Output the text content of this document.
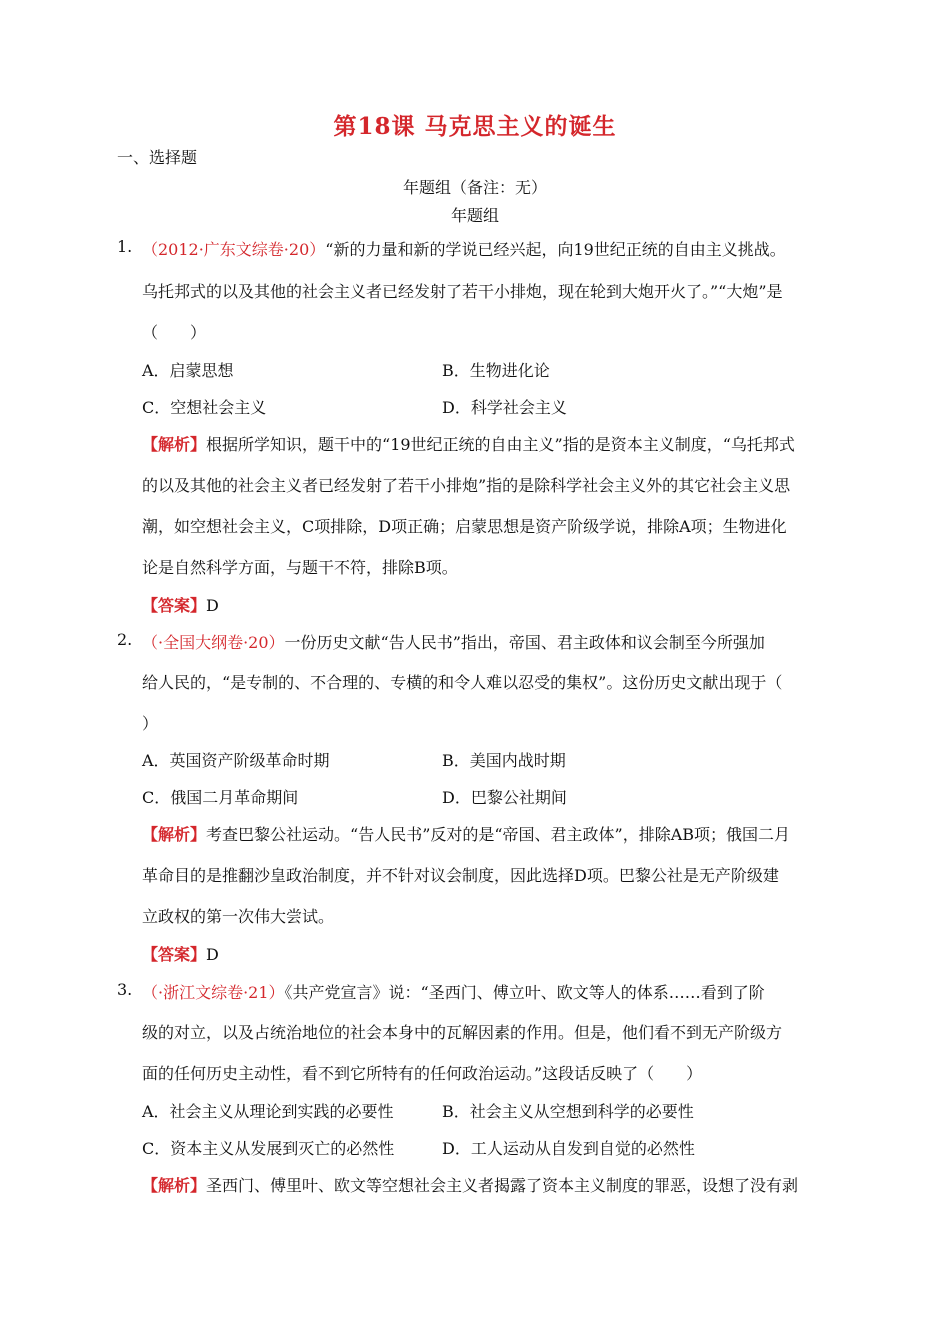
第18课 马克思主义的诞生
一、选择题
年题组（备注：无）
年题组
1. （2012·广东文综卷·20）“新的力量和新的学说已经兴起，向19世纪正统的自由主义挑战。
乌托邦式的以及其他的社会主义者已经发射了若干小排炮，现在轮到大炮开火了。”“大炮”是
（　　）
A．启蒙思想	B．生物进化论
C．空想社会主义	D．科学社会主义
【解析】根据所学知识，题干中的“19世纪正统的自由主义”指的是资本主义制度，“乌托邦式
的以及其他的社会主义者已经发射了若干小排炮”指的是除科学社会主义外的其它社会主义思
潮，如空想社会主义，C项排除，D项正确；启蒙思想是资产阶级学说，排除A项；生物进化
论是自然科学方面，与题干不符，排除B项。
【答案】D
2. （·全国大纲卷·20）一份历史文献“告人民书”指出，帝国、君主政体和议会制至今所强加
给人民的，“是专制的、不合理的、专横的和令人难以忍受的集权”。这份历史文献出现于（
）
A．英国资产阶级革命时期	B．美国内战时期
C．俄国二月革命期间	D．巴黎公社期间
【解析】考查巴黎公社运动。“告人民书”反对的是“帝国、君主政体”，排除AB项；俄国二月
革命目的是推翻沙皇政治制度，并不针对议会制度，因此选择D项。巴黎公社是无产阶级建
立政权的第一次伟大尝试。
【答案】D
3. （·浙江文综卷·21）《共产党宣言》说：“圣西门、傅立叶、欧文等人的体系……看到了阶
级的对立，以及占统治地位的社会本身中的瓦解因素的作用。但是，他们看不到无产阶级方
面的任何历史主动性，看不到它所特有的任何政治运动。”这段话反映了（　　）
A．社会主义从理论到实践的必要性	B．社会主义从空想到科学的必要性
C．资本主义从发展到灭亡的必然性	D．工人运动从自发到自觉的必然性
【解析】圣西门、傅里叶、欧文等空想社会主义者揭露了资本主义制度的罪恶，设想了没有剥
